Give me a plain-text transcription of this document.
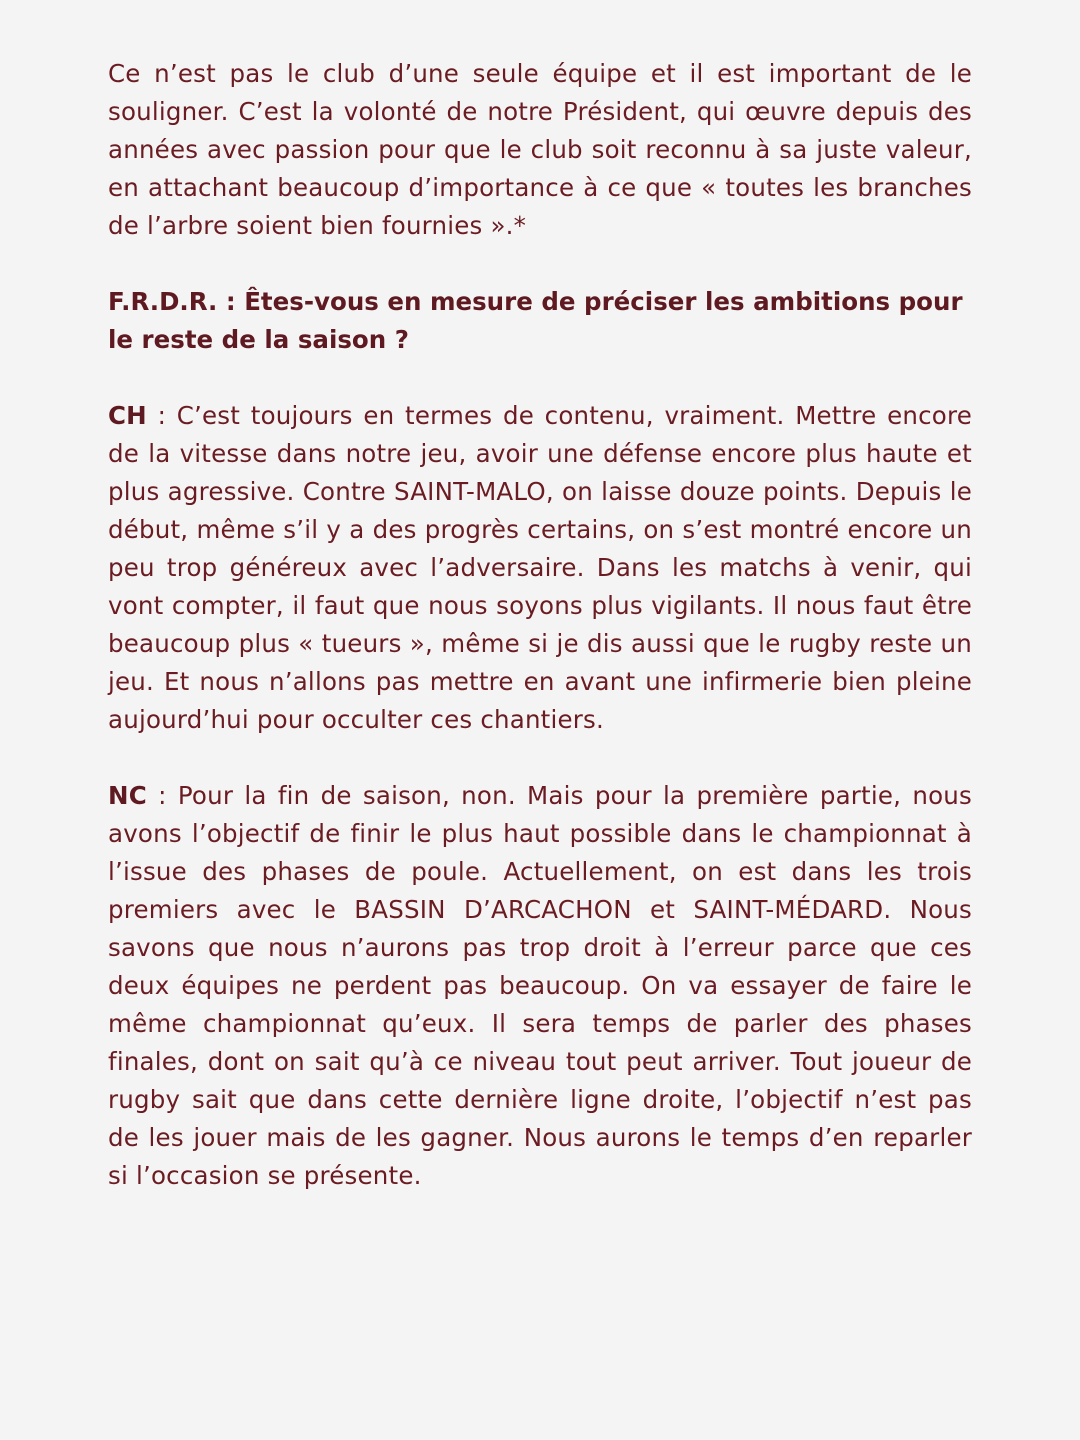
Ce n’est pas le club d’une seule équipe et il est important de le souligner. C’est la volonté de notre Président, qui œuvre depuis des années avec passion pour que le club soit reconnu à sa juste valeur, en attachant beaucoup d’importance à ce que « toutes les branches de l’arbre soient bien fournies ».*

F.R.D.R. : Êtes-vous en mesure de préciser les ambitions pour le reste de la saison ?

CH : C’est toujours en termes de contenu, vraiment. Mettre encore de la vitesse dans notre jeu, avoir une défense encore plus haute et plus agressive. Contre SAINT-MALO, on laisse douze points. Depuis le début, même s’il y a des progrès certains, on s’est montré encore un peu trop généreux avec l’adversaire. Dans les matchs à venir, qui vont compter, il faut que nous soyons plus vigilants. Il nous faut être beaucoup plus « tueurs », même si je dis aussi que le rugby reste un jeu. Et nous n’allons pas mettre en avant une infirmerie bien pleine aujourd’hui pour occulter ces chantiers.

NC : Pour la fin de saison, non. Mais pour la première partie, nous avons l’objectif de finir le plus haut possible dans le championnat à l’issue des phases de poule. Actuellement, on est dans les trois premiers avec le BASSIN D’ARCACHON et SAINT-MÉDARD. Nous savons que nous n’aurons pas trop droit à l’erreur parce que ces deux équipes ne perdent pas beaucoup. On va essayer de faire le même championnat qu’eux. Il sera temps de parler des phases finales, dont on sait qu’à ce niveau tout peut arriver. Tout joueur de rugby sait que dans cette dernière ligne droite, l’objectif n’est pas de les jouer mais de les gagner. Nous aurons le temps d’en reparler si l’occasion se présente.
